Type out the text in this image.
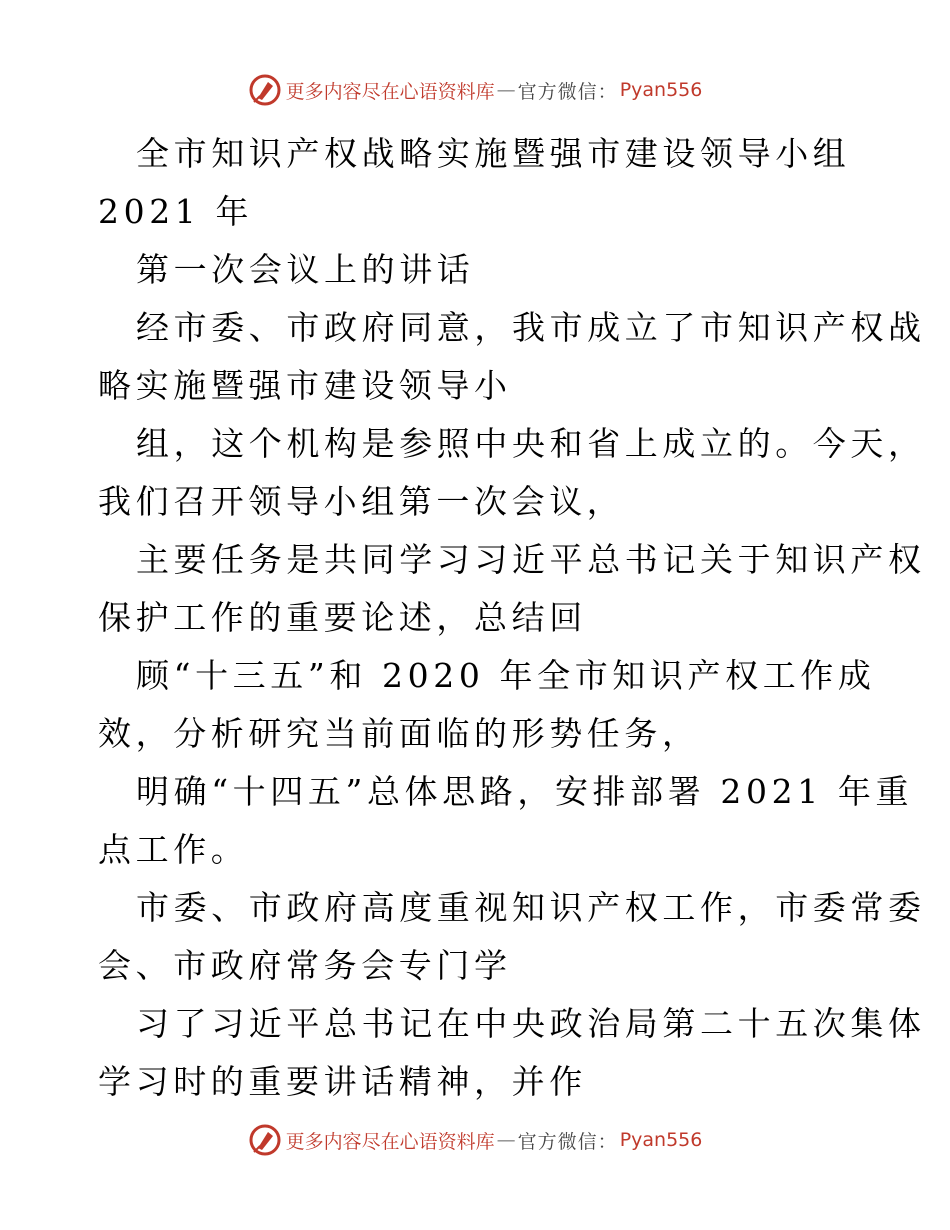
更多内容尽在心语资料库 — 官方微信： Pyan556
全市知识产权战略实施暨强市建设领导小组
2021 年
第一次会议上的讲话
经市委、市政府同意，我市成立了市知识产权战
略实施暨强市建设领导小
组，这个机构是参照中央和省上成立的。今天，
我们召开领导小组第一次会议，
主要任务是共同学习习近平总书记关于知识产权
保护工作的重要论述，总结回
顾“十三五”和 2020 年全市知识产权工作成
效，分析研究当前面临的形势任务，
明确“十四五”总体思路，安排部署 2021 年重
点工作。
市委、市政府高度重视知识产权工作，市委常委
会、市政府常务会专门学
习了习近平总书记在中央政治局第二十五次集体
学习时的重要讲话精神，并作
更多内容尽在心语资料库 — 官方微信： Pyan556
